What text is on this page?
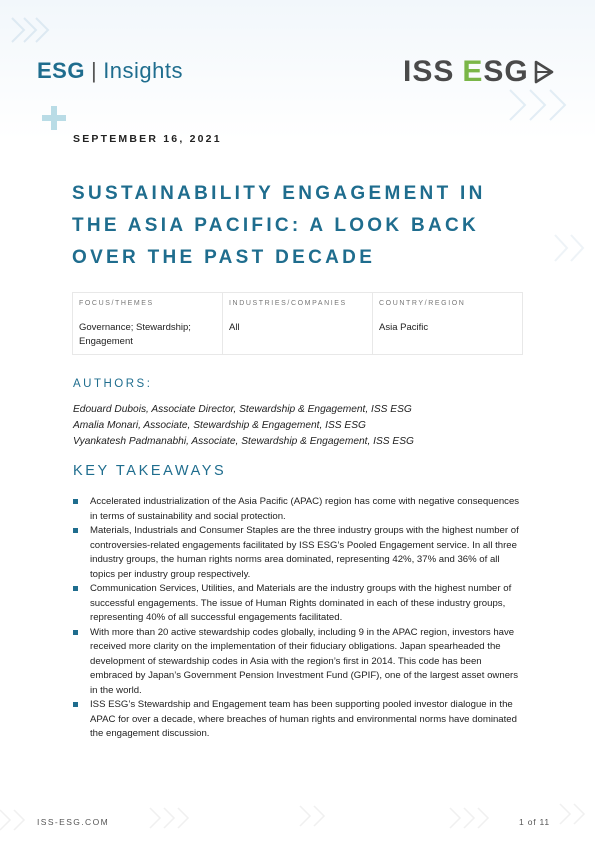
ESG | Insights	ISS E SG
SEPTEMBER 16, 2021
SUSTAINABILITY ENGAGEMENT IN
THE ASIA PACIFIC: A LOOK BACK
OVER THE PAST DECADE
FOCUS/THEMES
Governance; Stewardship; Engagement
INDUSTRIES/COMPANIES
All
COUNTRY/REGION
Asia Pacific
AUTHORS:
Edouard Dubois, Associate Director, Stewardship & Engagement, ISS ESG
Amalia Monari, Associate, Stewardship & Engagement, ISS ESG
Vyankatesh Padmanabhi, Associate, Stewardship & Engagement, ISS ESG
KEY TAKEAWAYS
Accelerated industrialization of the Asia Pacific (APAC) region has come with negative consequences in terms of sustainability and social protection.
Materials, Industrials and Consumer Staples are the three industry groups with the highest number of controversies-related engagements facilitated by ISS ESG’s Pooled Engagement service. In all three industry groups, the human rights norms area dominated, representing 42%, 37% and 36% of all topics per industry group respectively.
Communication Services, Utilities, and Materials are the industry groups with the highest number of successful engagements. The issue of Human Rights dominated in each of these industry groups, representing 40% of all successful engagements facilitated.
With more than 20 active stewardship codes globally, including 9 in the APAC region, investors have received more clarity on the implementation of their fiduciary obligations. Japan spearheaded the development of stewardship codes in Asia with the region’s first in 2014. This code has been embraced by Japan’s Government Pension Investment Fund (GPIF), one of the largest asset owners in the world.
ISS ESG’s Stewardship and Engagement team has been supporting pooled investor dialogue in the APAC for over a decade, where breaches of human rights and environmental norms have dominated the engagement discussion.
ISS-ESG.COM	1 of 11
